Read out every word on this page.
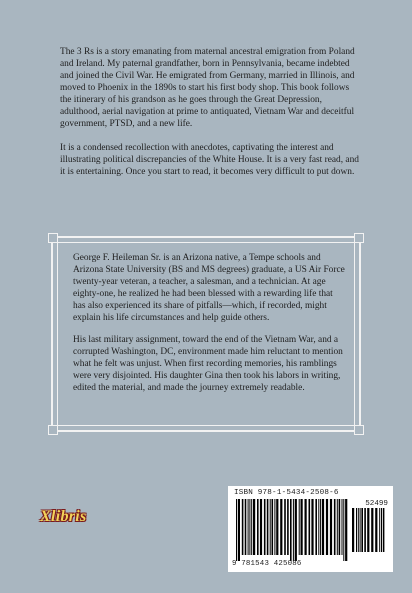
The 3 Rs is a story emanating from maternal ancestral emigration from Poland and Ireland. My paternal grandfather, born in Pennsylvania, became indebted and joined the Civil War. He emigrated from Germany, married in Illinois, and moved to Phoenix in the 1890s to start his first body shop. This book follows the itinerary of his grandson as he goes through the Great Depression, adulthood, aerial navigation at prime to antiquated, Vietnam War and deceitful government, PTSD, and a new life.

It is a condensed recollection with anecdotes, captivating the interest and illustrating political discrepancies of the White House. It is a very fast read, and it is entertaining. Once you start to read, it becomes very difficult to put down.

George F. Heileman Sr. is an Arizona native, a Tempe schools and Arizona State University (BS and MS degrees) graduate, a US Air Force twenty-year veteran, a teacher, a salesman, and a technician. At age eighty-one, he realized he had been blessed with a rewarding life that has also experienced its share of pitfalls—which, if recorded, might explain his life circumstances and help guide others.

His last military assignment, toward the end of the Vietnam War, and a corrupted Washington, DC, environment made him reluctant to mention what he felt was unjust. When first recording memories, his ramblings were very disjointed. His daughter Gina then took his labors in writing, edited the material, and made the journey extremely readable.

Xlibris
ISBN 978-1-5434-2508-6
52499
9 781543 425086
